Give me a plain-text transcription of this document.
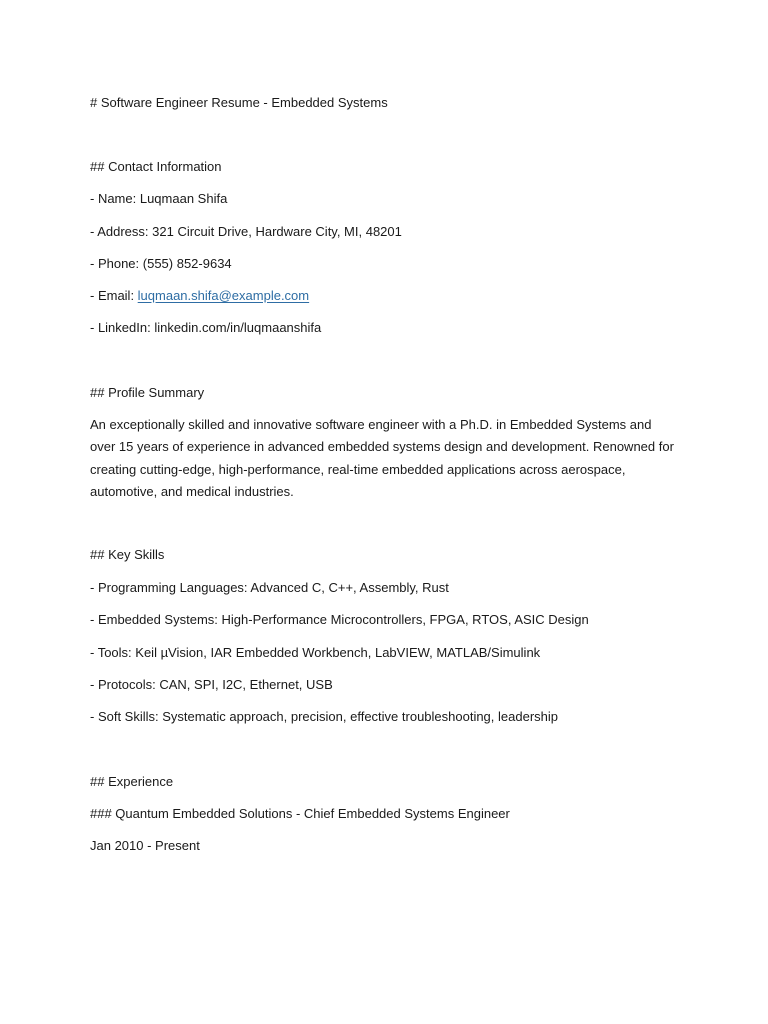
# Software Engineer Resume - Embedded Systems

## Contact Information

- Name: Luqmaan Shifa

- Address: 321 Circuit Drive, Hardware City, MI, 48201

- Phone: (555) 852-9634

- Email: luqmaan.shifa@example.com

- LinkedIn: linkedin.com/in/luqmaanshifa

## Profile Summary

An exceptionally skilled and innovative software engineer with a Ph.D. in Embedded Systems and over 15 years of experience in advanced embedded systems design and development. Renowned for creating cutting-edge, high-performance, real-time embedded applications across aerospace, automotive, and medical industries.

## Key Skills

- Programming Languages: Advanced C, C++, Assembly, Rust

- Embedded Systems: High-Performance Microcontrollers, FPGA, RTOS, ASIC Design

- Tools: Keil µVision, IAR Embedded Workbench, LabVIEW, MATLAB/Simulink

- Protocols: CAN, SPI, I2C, Ethernet, USB

- Soft Skills: Systematic approach, precision, effective troubleshooting, leadership

## Experience

### Quantum Embedded Solutions - Chief Embedded Systems Engineer

Jan 2010 - Present
